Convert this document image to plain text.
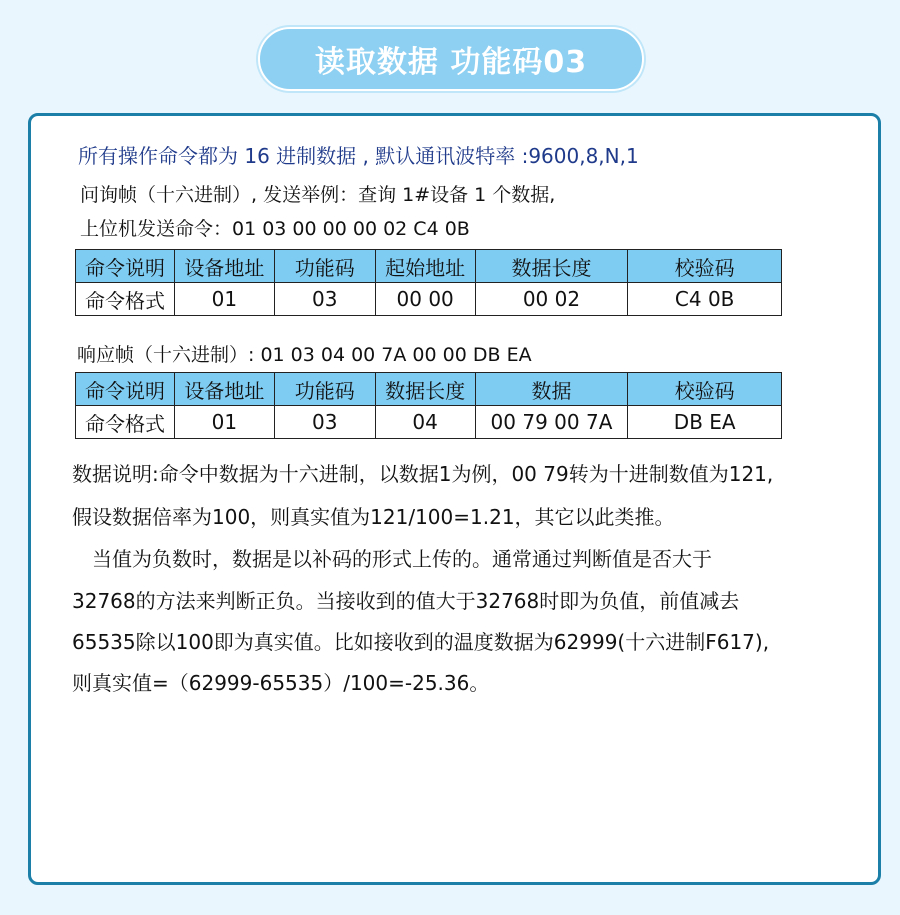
读取数据 功能码03
所有操作命令都为 16 进制数据 , 默认通讯波特率 :9600,8,N,1
问询帧（十六进制）, 发送举例：查询 1#设备 1 个数据,
上位机发送命令：01 03 00 00 00 02 C4 0B
命令说明	设备地址	功能码	起始地址	数据长度	校验码
命令格式	01	03	00 00	00 02	C4 0B
响应帧（十六进制）: 01 03 04 00 7A 00 00 DB EA
命令说明	设备地址	功能码	数据长度	数据	校验码
命令格式	01	03	04	00 79 00 7A	DB EA
数据说明:命令中数据为十六进制，以数据1为例，00 79转为十进制数值为121,
假设数据倍率为100，则真实值为121/100=1.21，其它以此类推。
当值为负数时，数据是以补码的形式上传的。通常通过判断值是否大于
32768的方法来判断正负。当接收到的值大于32768时即为负值，前值减去
65535除以100即为真实值。比如接收到的温度数据为62999(十六进制F617),
则真实值=（62999-65535）/100=-25.36。
